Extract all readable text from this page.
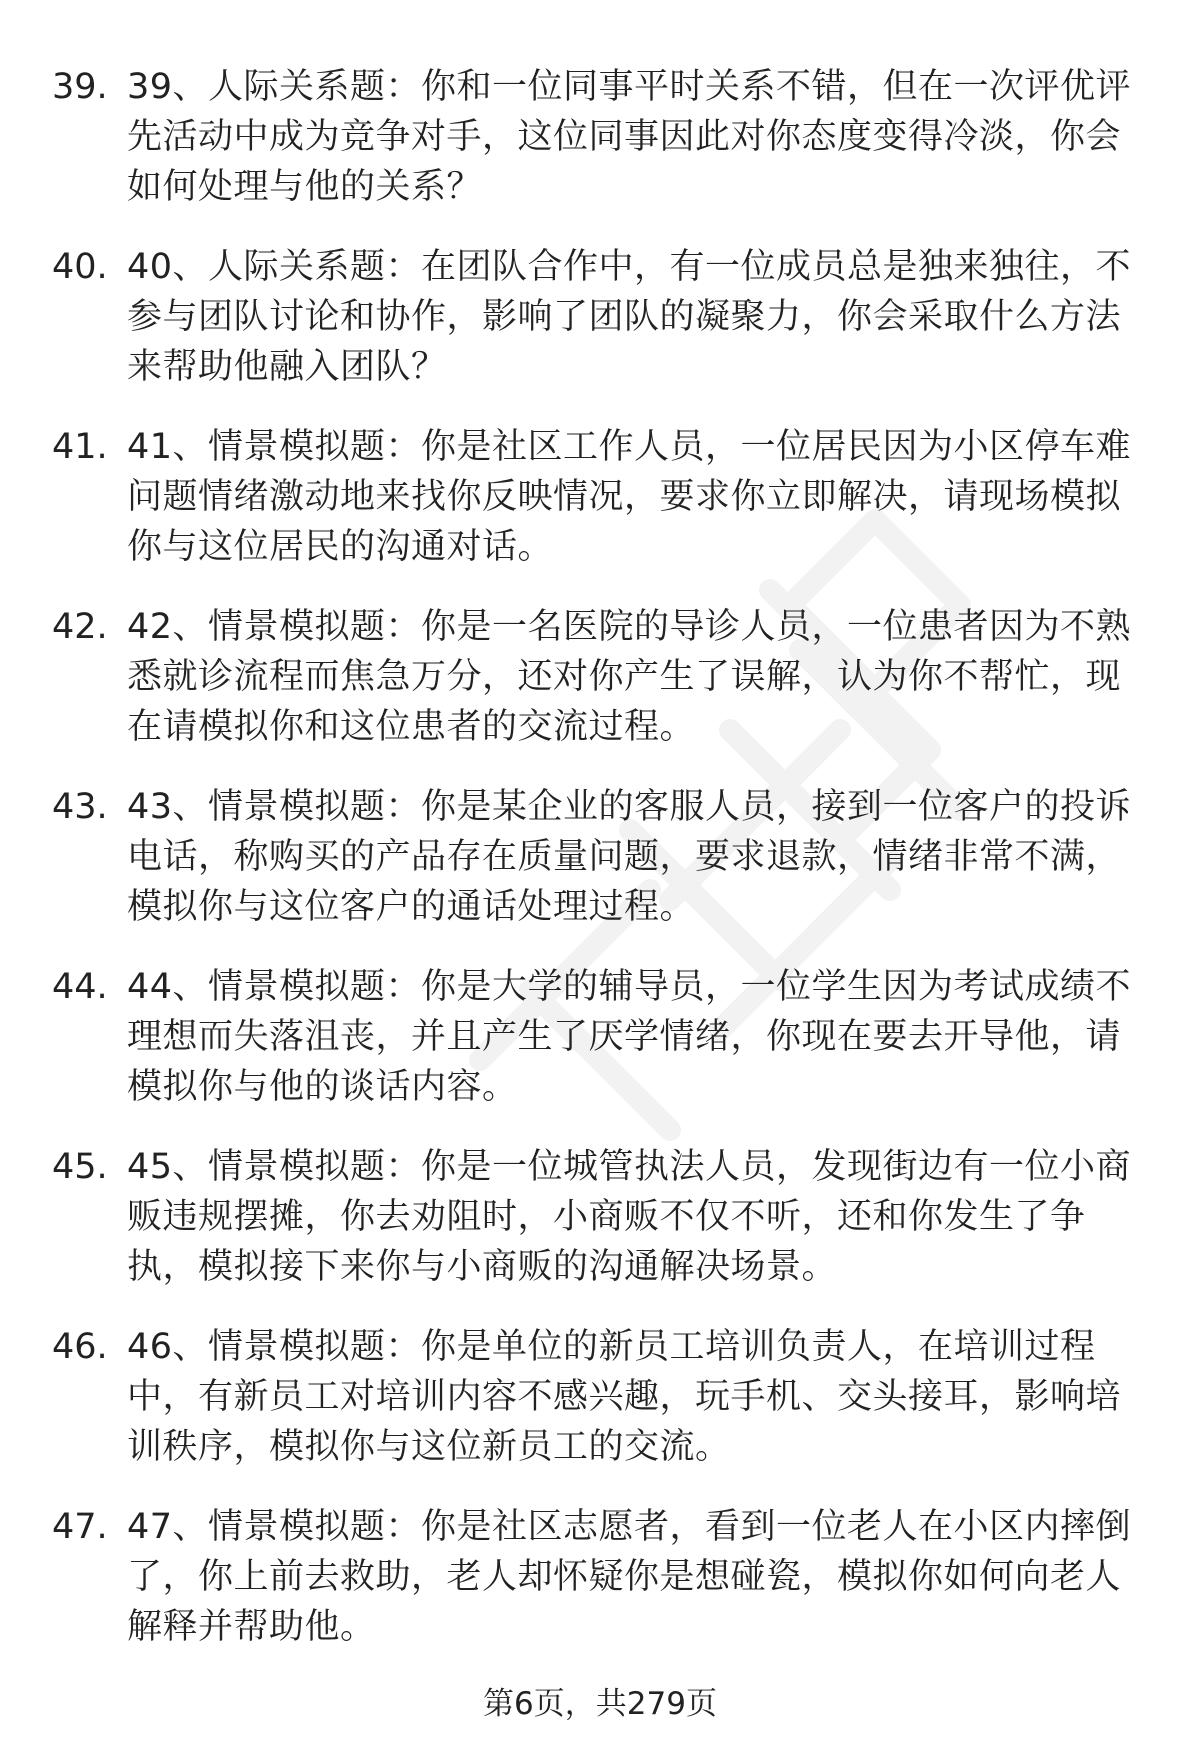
39. 39、人际关系题：你和一位同事平时关系不错，但在一次评优评先活动中成为竞争对手，这位同事因此对你态度变得冷淡，你会如何处理与他的关系？
40. 40、人际关系题：在团队合作中，有一位成员总是独来独往，不参与团队讨论和协作，影响了团队的凝聚力，你会采取什么方法来帮助他融入团队？
41. 41、情景模拟题：你是社区工作人员，一位居民因为小区停车难问题情绪激动地来找你反映情况，要求你立即解决，请现场模拟你与这位居民的沟通对话。
42. 42、情景模拟题：你是一名医院的导诊人员，一位患者因为不熟悉就诊流程而焦急万分，还对你产生了误解，认为你不帮忙，现在请模拟你和这位患者的交流过程。
43. 43、情景模拟题：你是某企业的客服人员，接到一位客户的投诉电话，称购买的产品存在质量问题，要求退款，情绪非常不满，模拟你与这位客户的通话处理过程。
44. 44、情景模拟题：你是大学的辅导员，一位学生因为考试成绩不理想而失落沮丧，并且产生了厌学情绪，你现在要去开导他，请模拟你与他的谈话内容。
45. 45、情景模拟题：你是一位城管执法人员，发现街边有一位小商贩违规摆摊，你去劝阻时，小商贩不仅不听，还和你发生了争执，模拟接下来你与小商贩的沟通解决场景。
46. 46、情景模拟题：你是单位的新员工培训负责人，在培训过程中，有新员工对培训内容不感兴趣，玩手机、交头接耳，影响培训秩序，模拟你与这位新员工的交流。
47. 47、情景模拟题：你是社区志愿者，看到一位老人在小区内摔倒了，你上前去救助，老人却怀疑你是想碰瓷，模拟你如何向老人解释并帮助他。
第6页，共279页
